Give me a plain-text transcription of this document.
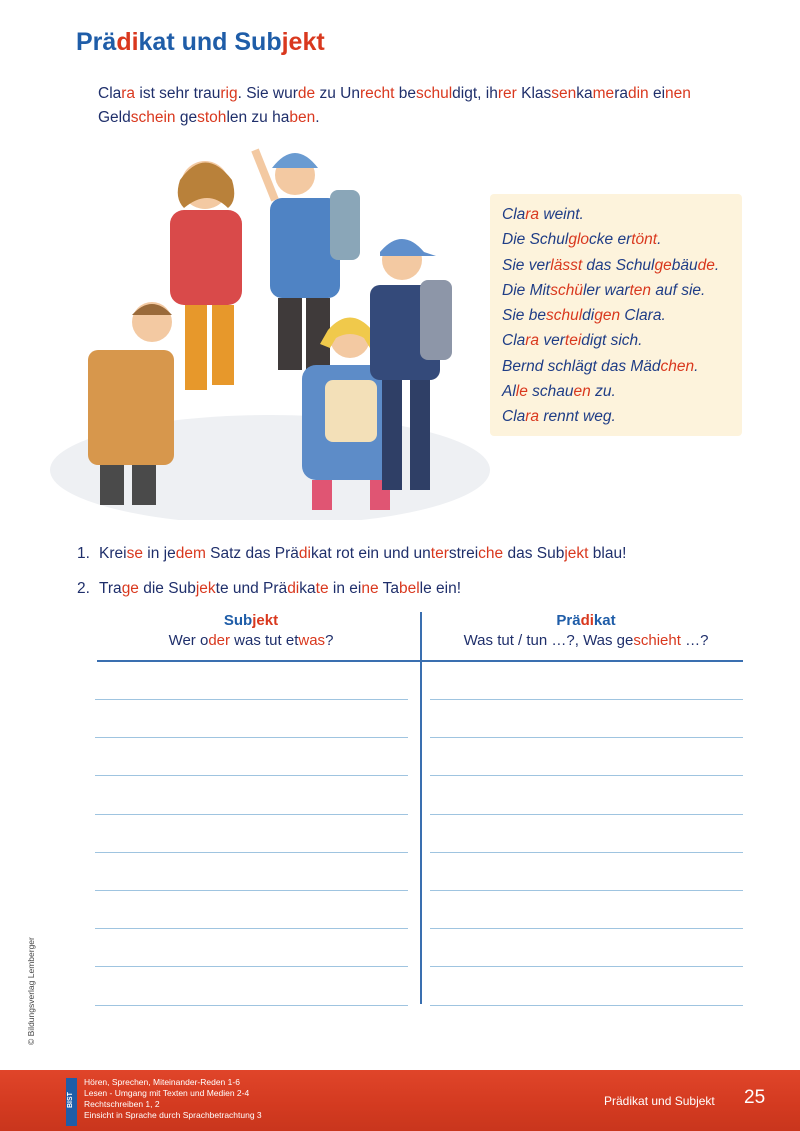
Prädikat und Subjekt

Clara ist sehr traurig. Sie wurde zu Unrecht beschuldigt, ihrer Klassenkameradin einen Geldschein gestohlen zu haben.

Clara weint.
Die Schulglocke ertönt.
Sie verlässt das Schulgebäude.
Die Mitschüler warten auf sie.
Sie beschuldigen Clara.
Clara verteidigt sich.
Bernd schlägt das Mädchen.
Alle schauen zu.
Clara rennt weg.

1. Kreise in jedem Satz das Prädikat rot ein und unterstreiche das Subjekt blau!

2. Trage die Subjekte und Prädikate in eine Tabelle ein!

Subjekt
Wer oder was tut etwas?
Prädikat
Was tut / tun …?, Was geschieht …?
© Bildungsverlag Lemberger
BIST
Hören, Sprechen, Miteinander-Reden 1-6
Lesen - Umgang mit Texten und Medien 2-4
Rechtschreiben 1, 2
Einsicht in Sprache durch Sprachbetrachtung 3
Prädikat und Subjekt 25
